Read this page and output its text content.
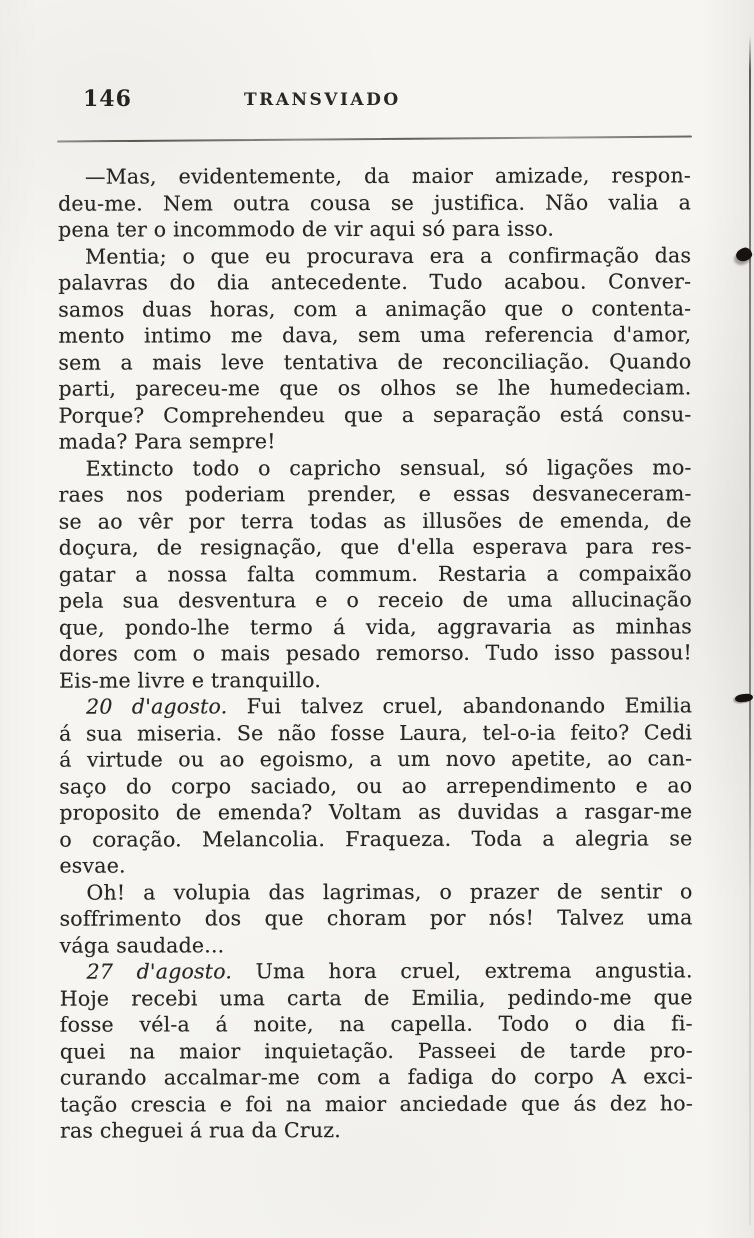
146	TRANSVIADO
—Mas, evidentemente, da maior amizade, respon-
deu-me. Nem outra cousa se justifica. Não valia a
pena ter o incommodo de vir aqui só para isso.
Mentia; o que eu procurava era a confirmação das
palavras do dia antecedente. Tudo acabou. Conver-
samos duas horas, com a animação que o contenta-
mento intimo me dava, sem uma referencia d'amor,
sem a mais leve tentativa de reconciliação. Quando
parti, pareceu-me que os olhos se lhe humedeciam.
Porque? Comprehendeu que a separação está consu-
mada? Para sempre!
Extincto todo o capricho sensual, só ligações mo-
raes nos poderiam prender, e essas desvaneceram-
se ao vêr por terra todas as illusões de emenda, de
doçura, de resignação, que d'ella esperava para res-
gatar a nossa falta commum. Restaria a compaixão
pela sua desventura e o receio de uma allucinação
que, pondo-lhe termo á vida, aggravaria as minhas
dores com o mais pesado remorso. Tudo isso passou!
Eis-me livre e tranquillo.
20 d'agosto. Fui talvez cruel, abandonando Emilia
á sua miseria. Se não fosse Laura, tel-o-ia feito? Cedi
á virtude ou ao egoismo, a um novo apetite, ao can-
saço do corpo saciado, ou ao arrependimento e ao
proposito de emenda? Voltam as duvidas a rasgar-me
o coração. Melancolia. Fraqueza. Toda a alegria se
esvae.
Oh! a volupia das lagrimas, o prazer de sentir o
soffrimento dos que choram por nós! Talvez uma
vága saudade...
27 d'agosto. Uma hora cruel, extrema angustia.
Hoje recebi uma carta de Emilia, pedindo-me que
fosse vél-a á noite, na capella. Todo o dia fi-
quei na maior inquietação. Passeei de tarde pro-
curando accalmar-me com a fadiga do corpo A exci-
tação crescia e foi na maior anciedade que ás dez ho-
ras cheguei á rua da Cruz.
